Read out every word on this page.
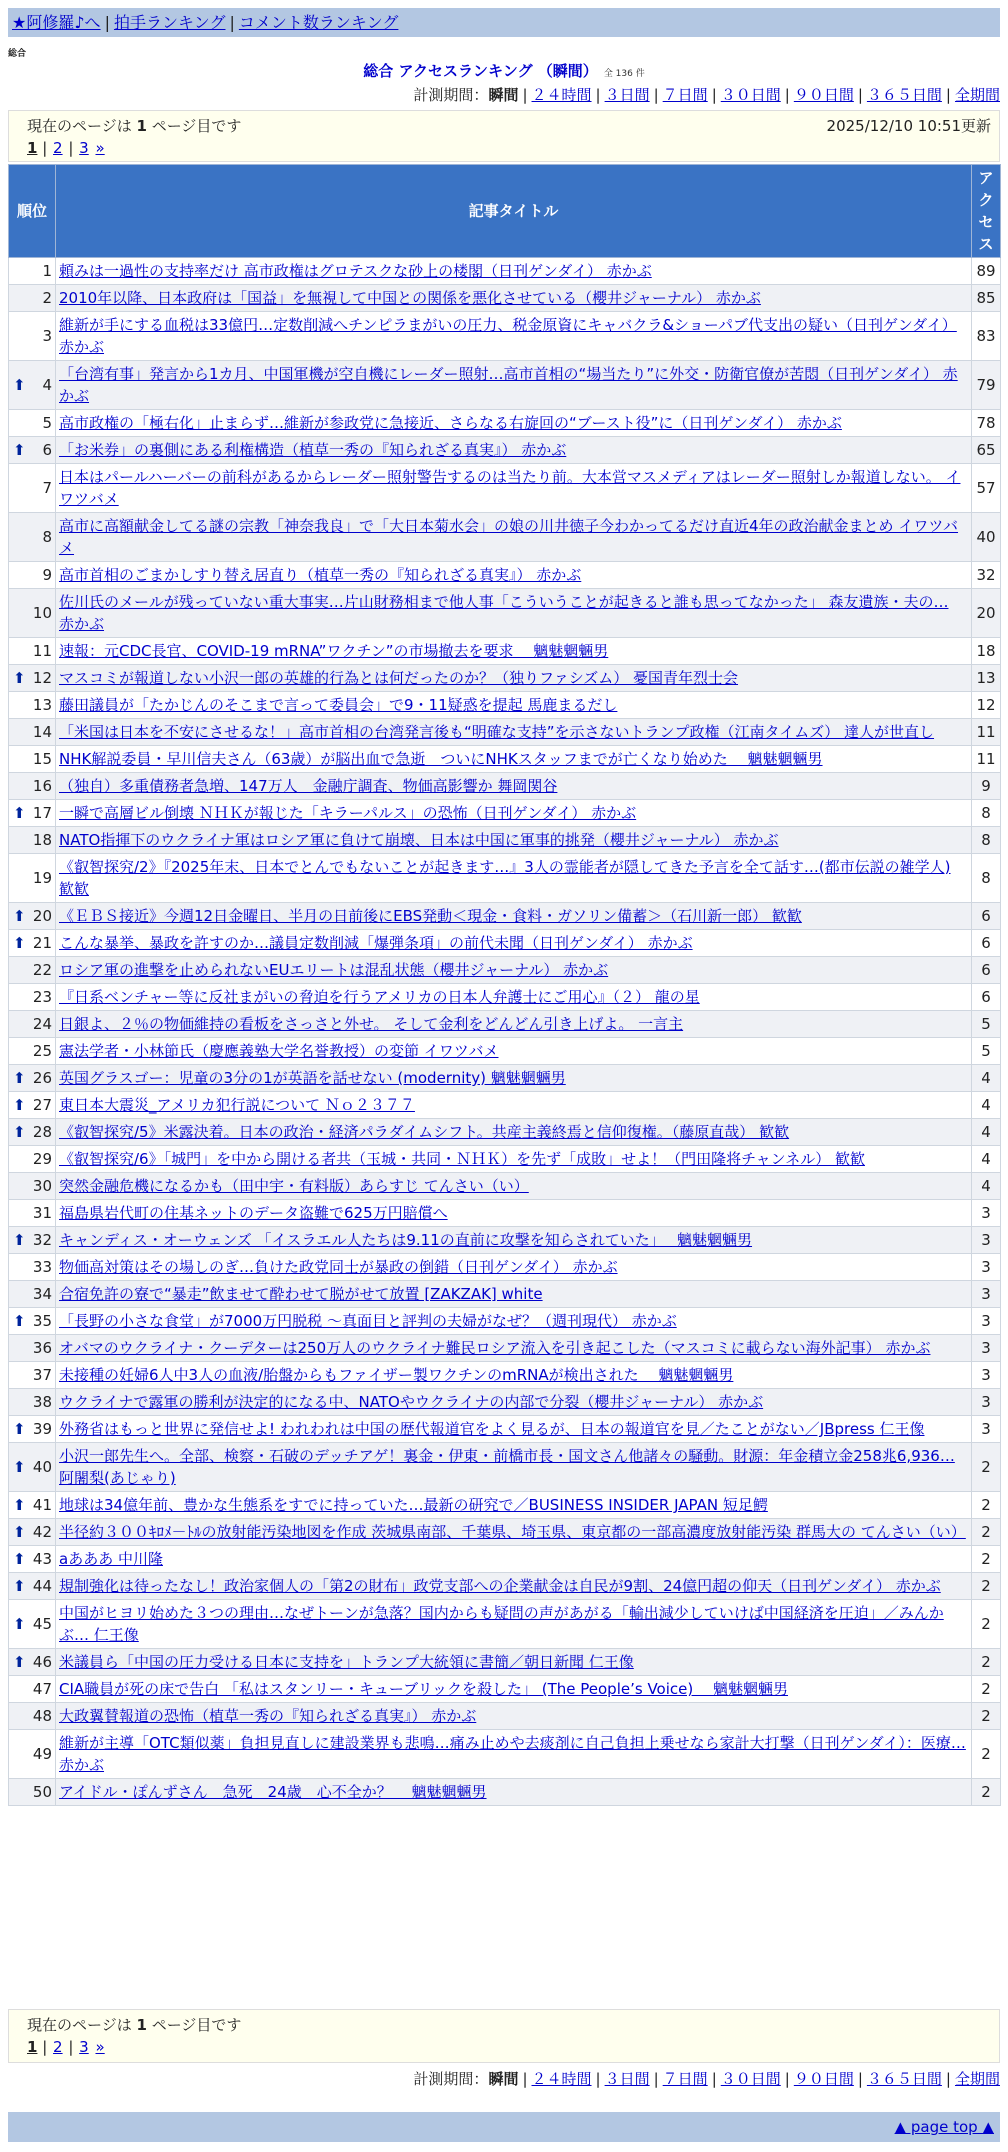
★阿修羅♪へ | 拍手ランキング | コメント数ランキング
総合
総合 アクセスランキング （瞬間） 全 136 件
計測期間：瞬間 | ２４時間 | ３日間 | ７日間 | ３０日間 | ９０日間 | ３６５日間 | 全期間
現在のページは 1 ページ目です	2025/12/10 10:51更新
1 | 2 | 3 »
順位	記事タイトル	アクセス
1	頼みは一過性の支持率だけ 高市政権はグロテスクな砂上の楼閣（日刊ゲンダイ） 赤かぶ	89
2	2010年以降、日本政府は「国益」を無視して中国との関係を悪化させている（櫻井ジャーナル） 赤かぶ	85
3	維新が手にする血税は33億円…定数削減へチンピラまがいの圧力、税金原資にキャバクラ&ショーパブ代支出の疑い（日刊ゲンダイ） 赤かぶ	83

⬆ 4	「台湾有事」発言から1カ月、中国軍機が空自機にレーダー照射…高市首相の“場当たり”に外交・防衛官僚が苦悶（日刊ゲンダイ） 赤かぶ	79
5	高市政権の「極右化」止まらず…維新が参政党に急接近、さらなる右旋回の“ブースト役”に（日刊ゲンダイ） 赤かぶ	78

⬆ 6	「お米券」の裏側にある利権構造（植草一秀の『知られざる真実』） 赤かぶ	65
7	日本はパールハーバーの前科があるからレーダー照射警告するのは当たり前。大本営マスメディアはレーダー照射しか報道しない。 イワツバメ	57
8	高市に高額献金してる謎の宗教「神奈我良」で「大日本菊水会」の娘の川井徳子今わかってるだけ直近4年の政治献金まとめ イワツバメ	40
9	高市首相のごまかしすり替え居直り（植草一秀の『知られざる真実』） 赤かぶ	32
10	佐川氏のメールが残っていない重大事実…片山財務相まで他人事「こういうことが起きると誰も思ってなかった」 森友遺族・夫の… 赤かぶ	20
11	速報：元CDC長官、COVID-19 mRNA”ワクチン”の市場撤去を要求　 魑魅魍魎男	18

⬆ 12	マスコミが報道しない小沢一郎の英雄的行為とは何だったのか？（独りファシズム） 憂国青年烈士会	13
13	藤田議員が「たかじんのそこまで言って委員会」で9・11疑惑を提起 馬鹿まるだし	12
14	「米国は日本を不安にさせるな！」高市首相の台湾発言後も“明確な支持”を示さないトランプ政権（江南タイムズ） 達人が世直し	11
15	NHK解説委員・早川信夫さん（63歳）が脳出血で急逝　ついにNHKスタッフまでが亡くなり始めた　 魑魅魍魎男	11
16	（独自）多重債務者急増、147万人　金融庁調査、物価高影響か 舞岡関谷	9

⬆ 17	一瞬で高層ビル倒壊 ＮＨＫが報じた「キラーパルス」の恐怖（日刊ゲンダイ） 赤かぶ	8
18	NATO指揮下のウクライナ軍はロシア軍に負けて崩壊、日本は中国に軍事的挑発（櫻井ジャーナル） 赤かぶ	8
19	《叡智探究/2》『2025年末、日本でとんでもないことが起きます…』3人の霊能者が隠してきた予言を全て話す…(都市伝説の雑学人) 歓歓	8

⬆ 20	《ＥＢＳ接近》今週12日金曜日、半月の日前後にEBS発動＜現金・食料・ガソリン備蓄＞（石川新一郎） 歓歓	6

⬆ 21	こんな暴挙、暴政を許すのか…議員定数削減「爆弾条項」の前代未聞（日刊ゲンダイ） 赤かぶ	6
22	ロシア軍の進撃を止められないEUエリートは混乱状態（櫻井ジャーナル） 赤かぶ	6
23	『日系ベンチャー等に反社まがいの脅迫を行うアメリカの日本人弁護士にご用心』（２） 龍の星	6
24	日銀よ、２％の物価維持の看板をさっさと外せ。 そして金利をどんどん引き上げよ。 一言主	5
25	憲法学者・小林節氏（慶應義塾大学名誉教授）の変節 イワツバメ	5

⬆ 26	英国グラスゴー：児童の3分の1が英語を話せない (modernity) 魑魅魍魎男	4

⬆ 27	東日本大震災_アメリカ犯行説について Ｎｏ２３７７	4

⬆ 28	《叡智探究/5》米露決着。日本の政治・経済パラダイムシフト。共産主義終焉と信仰復権。（藤原直哉） 歓歓	4
29	《叡智探究/6》「城門」を中から開ける者共（玉城・共同・ＮＨＫ）を先ず「成敗」せよ！（門田隆将チャンネル） 歓歓	4
30	突然金融危機になるかも（田中宇・有料版）あらすじ てんさい（い）	4
31	福島県岩代町の住基ネットのデータ盗難で625万円賠償へ	3

⬆ 32	キャンディス・オーウェンズ 「イスラエル人たちは9.11の直前に攻撃を知らされていた」　 魑魅魍魎男	3
33	物価高対策はその場しのぎ…負けた政党同士が暴政の倒錯（日刊ゲンダイ） 赤かぶ	3
34	合宿免許の寮で“暴走”飲ませて酔わせて脱がせて放置 [ZAKZAK] white	3

⬆ 35	「長野の小さな食堂」が7000万円脱税 ～真面目と評判の夫婦がなぜ？（週刊現代） 赤かぶ	3
36	オバマのウクライナ・クーデターは250万人のウクライナ難民ロシア流入を引き起こした（マスコミに載らない海外記事） 赤かぶ	3
37	未接種の妊婦6人中3人の血液/胎盤からもファイザー製ワクチンのmRNAが検出された　 魑魅魍魎男	3
38	ウクライナで露軍の勝利が決定的になる中、NATOやウクライナの内部で分裂（櫻井ジャーナル） 赤かぶ	3

⬆ 39	外務省はもっと世界に発信せよ! われわれは中国の歴代報道官をよく見るが、日本の報道官を見／たことがない／JBpress 仁王像	3

⬆ 40	小沢一郎先生へ。全部、検察・石破のデッチアゲ！裏金・伊東・前橋市長・国文さん他諸々の騒動。財源：年金積立金258兆6,936… 阿闍梨(あじゃり)	2

⬆ 41	地球は34億年前、豊かな生態系をすでに持っていた…最新の研究で／BUSINESS INSIDER JAPAN 短足鰐	2

⬆ 42	半径約３００ｷﾛﾒ－ﾄﾙの放射能汚染地図を作成 茨城県南部、千葉県、埼玉県、東京都の一部高濃度放射能汚染 群馬大の てんさい（い）	2

⬆ 43	aあああ 中川隆	2

⬆ 44	規制強化は待ったなし！政治家個人の「第2の財布」政党支部への企業献金は自民が9割、24億円超の仰天（日刊ゲンダイ） 赤かぶ	2

⬆ 45	中国がヒヨリ始めた３つの理由…なぜトーンが急落？国内からも疑問の声があがる「輸出減少していけば中国経済を圧迫」／みんかぶ… 仁王像	2

⬆ 46	米議員ら「中国の圧力受ける日本に支持を」トランプ大統領に書簡／朝日新聞 仁王像	2
47	CIA職員が死の床で告白 「私はスタンリー・キューブリックを殺した」 (The People’s Voice)　 魑魅魍魎男	2
48	大政翼賛報道の恐怖（植草一秀の『知られざる真実』） 赤かぶ	2
49	維新が主導「OTC類似薬」負担見直しに建設業界も悲鳴…痛み止めや去痰剤に自己負担上乗せなら家計大打撃（日刊ゲンダイ）：医療… 赤かぶ	2
50	アイドル・ぽんずさん　急死　24歳　心不全か？　 魑魅魍魎男	2
現在のページは 1 ページ目です
1 | 2 | 3 »
計測期間：瞬間 | ２４時間 | ３日間 | ７日間 | ３０日間 | ９０日間 | ３６５日間 | 全期間
▲ page top ▲
